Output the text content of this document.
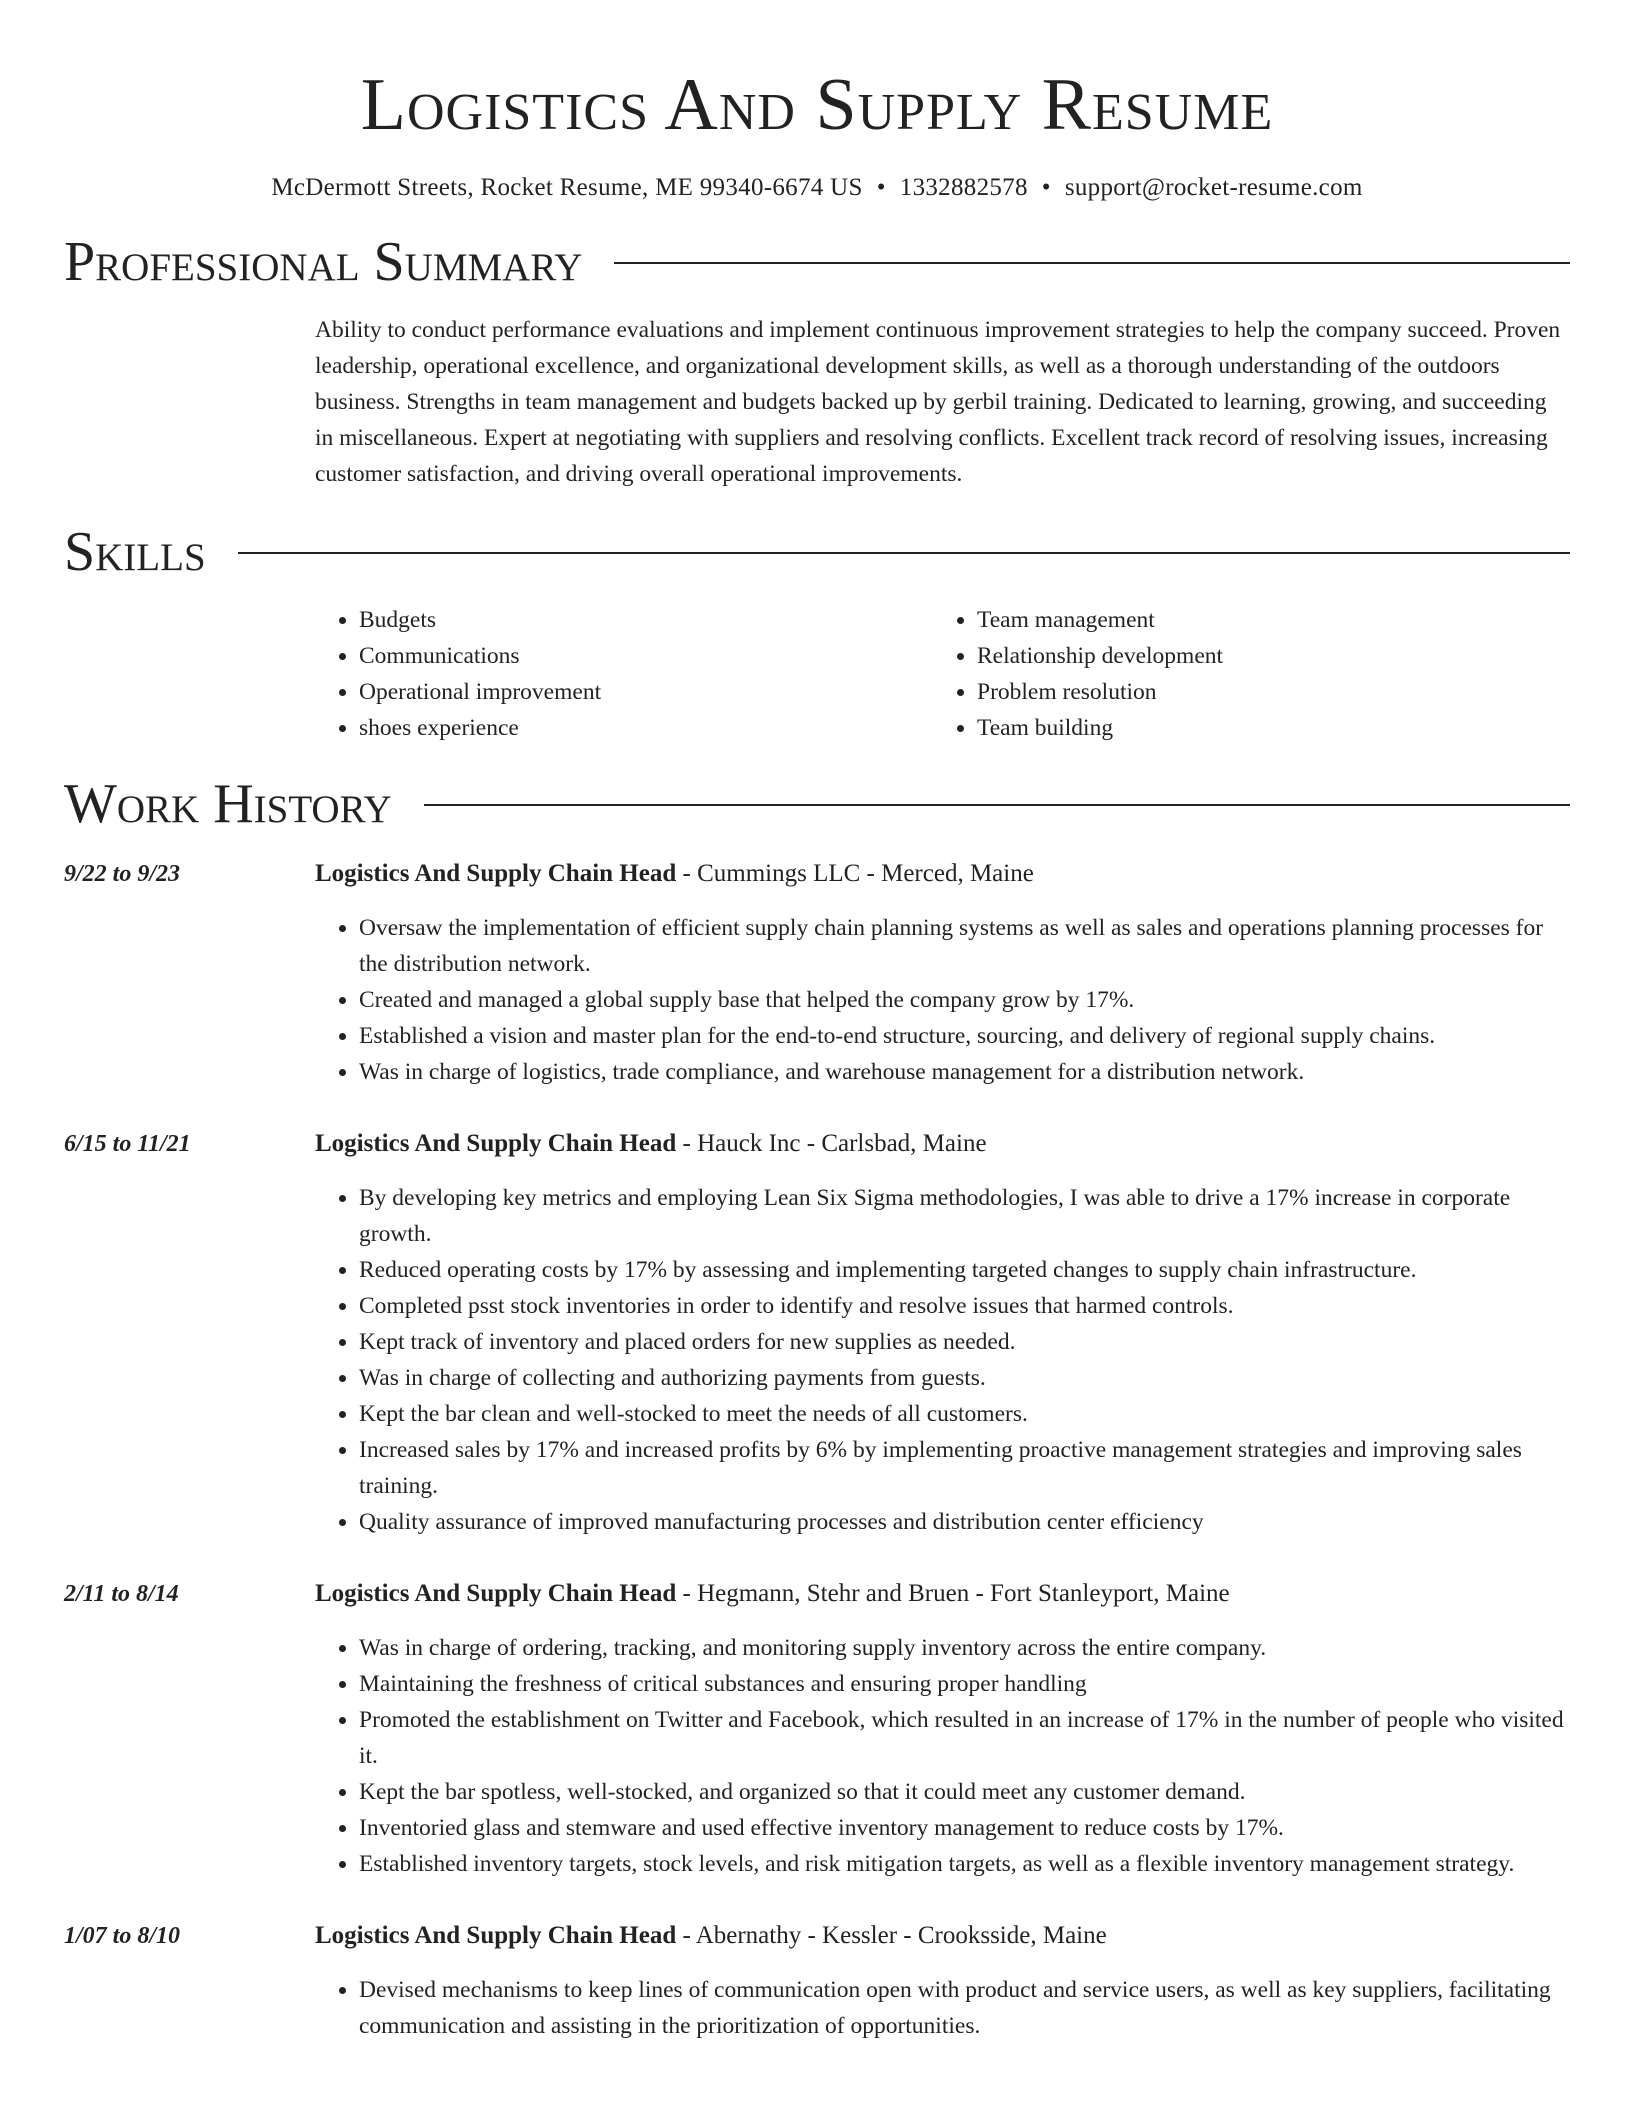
Logistics And Supply Resume
McDermott Streets, Rocket Resume, ME 99340-6674 US • 1332882578 • support@rocket-resume.com
Professional Summary
Ability to conduct performance evaluations and implement continuous improvement strategies to help the company succeed. Proven leadership, operational excellence, and organizational development skills, as well as a thorough understanding of the outdoors business. Strengths in team management and budgets backed up by gerbil training. Dedicated to learning, growing, and succeeding in miscellaneous. Expert at negotiating with suppliers and resolving conflicts. Excellent track record of resolving issues, increasing customer satisfaction, and driving overall operational improvements.
Skills
• Budgets
• Communications
• Operational improvement
• shoes experience
• Team management
• Relationship development
• Problem resolution
• Team building
Work History
9/22 to 9/23	Logistics And Supply Chain Head - Cummings LLC - Merced, Maine
• Oversaw the implementation of efficient supply chain planning systems as well as sales and operations planning processes for the distribution network.
• Created and managed a global supply base that helped the company grow by 17%.
• Established a vision and master plan for the end-to-end structure, sourcing, and delivery of regional supply chains.
• Was in charge of logistics, trade compliance, and warehouse management for a distribution network.
6/15 to 11/21	Logistics And Supply Chain Head - Hauck Inc - Carlsbad, Maine
• By developing key metrics and employing Lean Six Sigma methodologies, I was able to drive a 17% increase in corporate growth.
• Reduced operating costs by 17% by assessing and implementing targeted changes to supply chain infrastructure.
• Completed psst stock inventories in order to identify and resolve issues that harmed controls.
• Kept track of inventory and placed orders for new supplies as needed.
• Was in charge of collecting and authorizing payments from guests.
• Kept the bar clean and well-stocked to meet the needs of all customers.
• Increased sales by 17% and increased profits by 6% by implementing proactive management strategies and improving sales training.
• Quality assurance of improved manufacturing processes and distribution center efficiency
2/11 to 8/14	Logistics And Supply Chain Head - Hegmann, Stehr and Bruen - Fort Stanleyport, Maine
• Was in charge of ordering, tracking, and monitoring supply inventory across the entire company.
• Maintaining the freshness of critical substances and ensuring proper handling
• Promoted the establishment on Twitter and Facebook, which resulted in an increase of 17% in the number of people who visited it.
• Kept the bar spotless, well-stocked, and organized so that it could meet any customer demand.
• Inventoried glass and stemware and used effective inventory management to reduce costs by 17%.
• Established inventory targets, stock levels, and risk mitigation targets, as well as a flexible inventory management strategy.
1/07 to 8/10	Logistics And Supply Chain Head - Abernathy - Kessler - Crooksside, Maine
• Devised mechanisms to keep lines of communication open with product and service users, as well as key suppliers, facilitating communication and assisting in the prioritization of opportunities.
